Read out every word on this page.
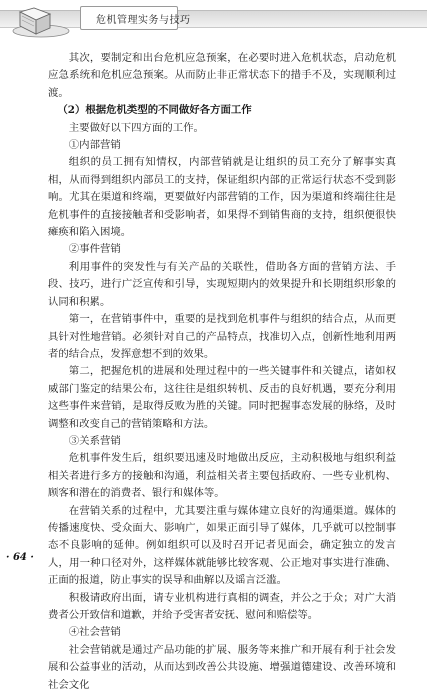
危机管理实务与技巧

其次，要制定和出台危机应急预案，在必要时进入危机状态，启动危机应急系统和危机应急预案。从而防止非正常状态下的措手不及，实现顺利过渡。

（2）根据危机类型的不同做好各方面工作

主要做好以下四方面的工作。

①内部营销

组织的员工拥有知情权，内部营销就是让组织的员工充分了解事实真相，从而得到组织内部员工的支持，保证组织内部的正常运行状态不受到影响。尤其在渠道和终端，更要做好内部营销的工作，因为渠道和终端往往是危机事件的直接接触者和受影响者，如果得不到销售商的支持，组织便很快瘫痪和陷入困境。

②事件营销

利用事件的突发性与有关产品的关联性，借助各方面的营销方法、手段、技巧，进行广泛宣传和引导，实现短期内的效果提升和长期组织形象的认同和积累。

第一，在营销事件中，重要的是找到危机事件与组织的结合点，从而更具针对性地营销。必须针对自己的产品特点，找准切入点，创新性地利用两者的结合点，发挥意想不到的效果。

第二，把握危机的进展和处理过程中的一些关键事件和关键点，诸如权威部门鉴定的结果公布，这往往是组织转机、反击的良好机遇，要充分利用这些事件来营销，是取得反败为胜的关键。同时把握事态发展的脉络，及时调整和改变自己的营销策略和方法。

③关系营销

危机事件发生后，组织要迅速及时地做出反应，主动积极地与组织利益相关者进行多方的接触和沟通，利益相关者主要包括政府、一些专业机构、顾客和潜在的消费者、银行和媒体等。

在营销关系的过程中，尤其要注重与媒体建立良好的沟通渠道。媒体的传播速度快、受众面大、影响广，如果正面引导了媒体，几乎就可以控制事态不良影响的延伸。例如组织可以及时召开记者见面会，确定独立的发言人，用一种口径对外，这样媒体就能够比较客观、公正地对事实进行准确、正面的报道，防止事实的误导和曲解以及谣言泛滥。

积极请政府出面，请专业机构进行真相的调查，并公之于众；对广大消费者公开致信和道歉，并给予受害者安抚、慰问和赔偿等。

④社会营销

社会营销就是通过产品功能的扩展、服务等来推广和开展有利于社会发展和公益事业的活动，从而达到改善公共设施、增强道德建设、改善环境和社会文化

· 64 ·
